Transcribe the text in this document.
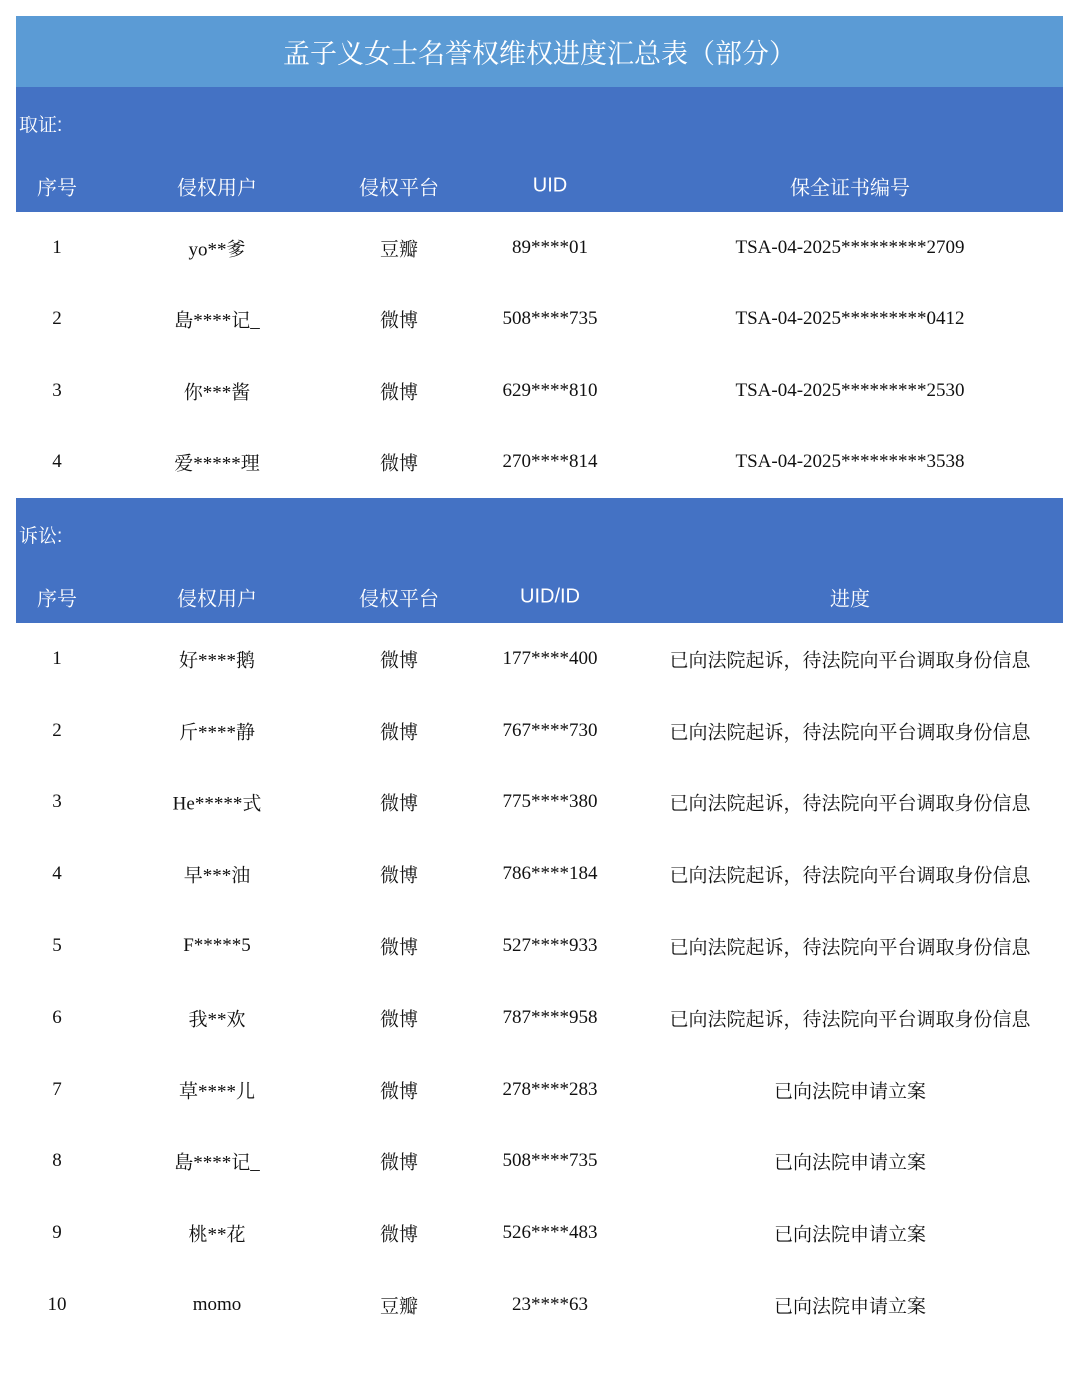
孟子义女士名誉权维权进度汇总表（部分）
取证:
序号	侵权用户	侵权平台	UID	保全证书编号
1	yo**爹	豆瓣	89****01	TSA-04-2025*********2709
2	島****记_	微博	508****735	TSA-04-2025*********0412
3	你***酱	微博	629****810	TSA-04-2025*********2530
4	爱*****理	微博	270****814	TSA-04-2025*********3538
诉讼:
序号	侵权用户	侵权平台	UID/ID	进度
1	好****鹅	微博	177****400	已向法院起诉，待法院向平台调取身份信息
2	斤****静	微博	767****730	已向法院起诉，待法院向平台调取身份信息
3	He*****式	微博	775****380	已向法院起诉，待法院向平台调取身份信息
4	早***油	微博	786****184	已向法院起诉，待法院向平台调取身份信息
5	F*****5	微博	527****933	已向法院起诉，待法院向平台调取身份信息
6	我**欢	微博	787****958	已向法院起诉，待法院向平台调取身份信息
7	草****儿	微博	278****283	已向法院申请立案
8	島****记_	微博	508****735	已向法院申请立案
9	桃**花	微博	526****483	已向法院申请立案
10	momo	豆瓣	23****63	已向法院申请立案
